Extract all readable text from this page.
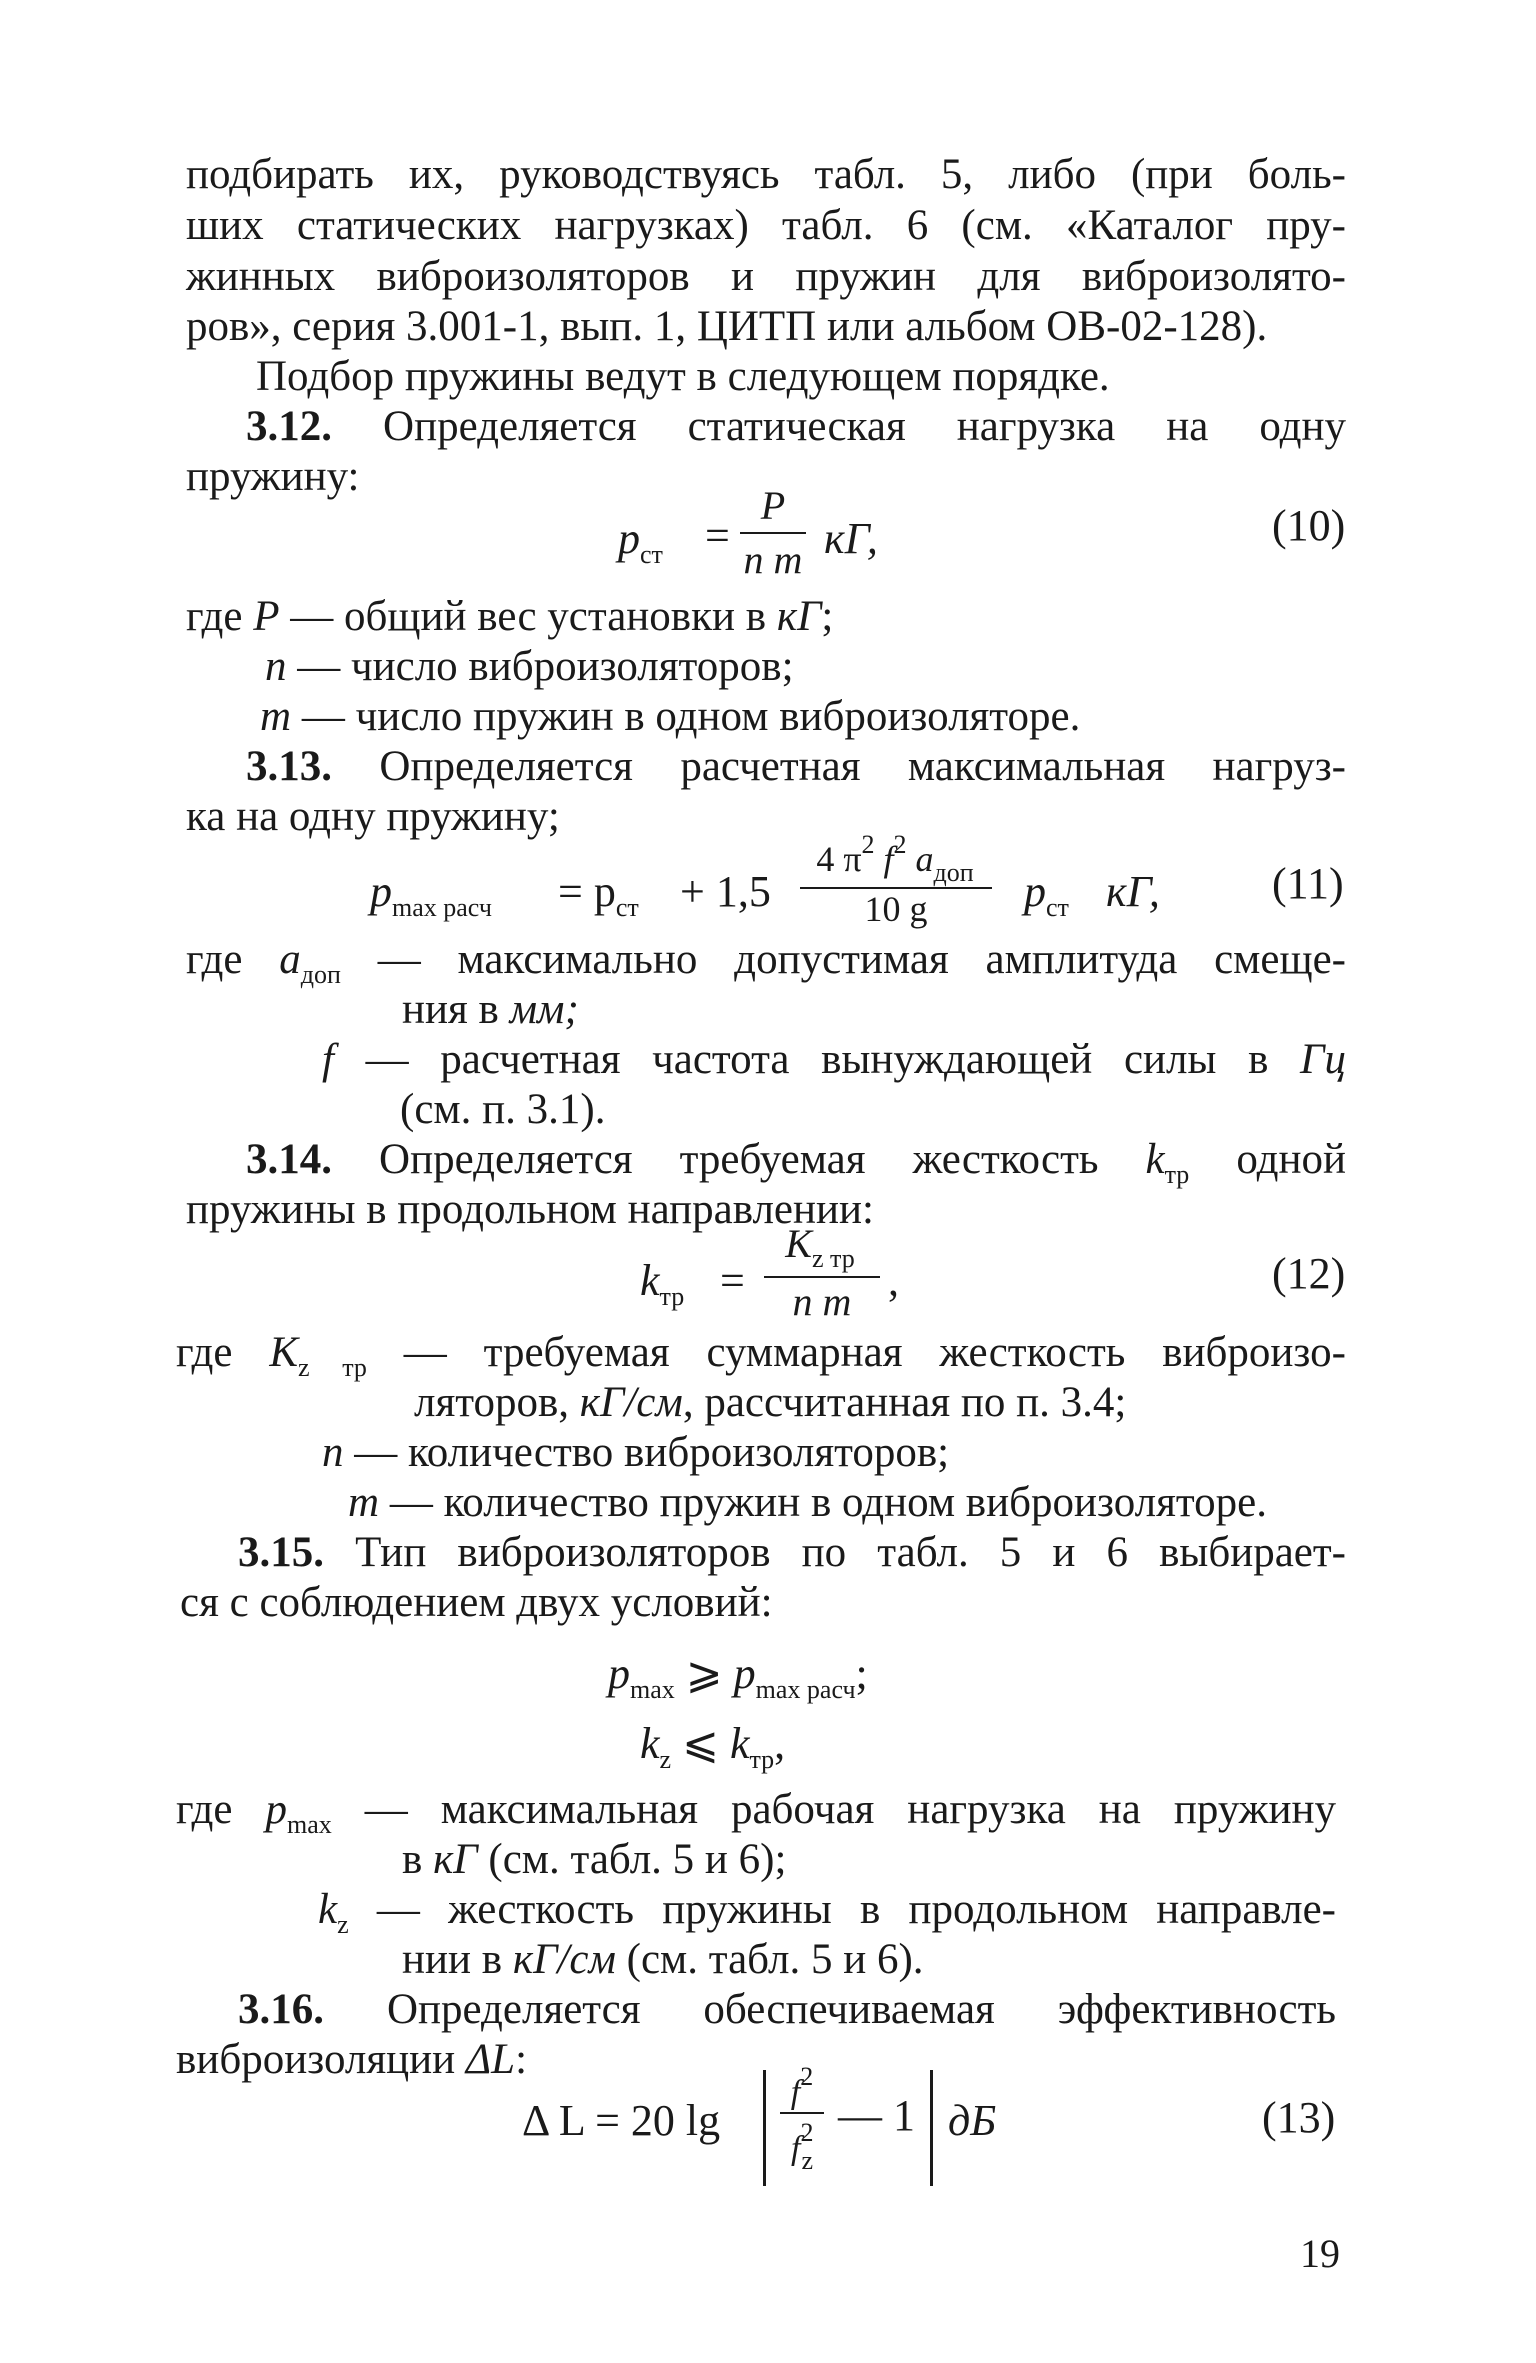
подбирать их, руководствуясь табл. 5, либо (при боль-
ших статических нагрузках) табл. 6 (см. «Каталог пру-
жинных виброизоляторов и пружин для виброизолято-
ров», серия 3.001-1, вып. 1, ЦИТП или альбом ОВ-02-128).
Подбор пружины ведут в следующем порядке.
3.12. Определяется статическая нагрузка на одну
пружину:
$p_{ст}$ =
P
n m кГ,	(10)
где P — общий вес установки в кГ;
n — число виброизоляторов;
m — число пружин в одном виброизоляторе.
3.13. Определяется расчетная максимальная нагруз-
ка на одну пружину;
$p_{max расч} = p_{ст} + 1,5$
4 $\pi^2$ $f^2$ $a_{доп}$
10 g	$p_{ст}$ кГ,	(11)
где $a_{доп}$ — максимально допустимая амплитуда смеще-
ния в мм;
f — расчетная частота вынуждающей силы в Гц
(см. п. 3.1).
3.14. Определяется требуемая жесткость $k_{тр}$ одной
пружины в продольном направлении:
$k_{тр}$ =
$K_{z тр}$
n m ,	(12)
где $K_{z тр}$ — требуемая суммарная жесткость виброизо-
ляторов, кГ/см, рассчитанная по п. 3.4;
n — количество виброизоляторов;
m — количество пружин в одном виброизоляторе.
3.15. Тип виброизоляторов по табл. 5 и 6 выбирает-
ся с соблюдением двух условий:
$p_{max}$ ⩾ $p_{max расч}$;
$k_z$ ⩽ $k_{тр}$,
где $p_{max}$ — максимальная рабочая нагрузка на пружину
в кГ (см. табл. 5 и 6);
$k_z$ — жесткость пружины в продольном направле-
нии в кГ/см (см. табл. 5 и 6).
3.16. Определяется обеспечиваемая эффективность
виброизоляции ΔL:
Δ L = 20 lg
$f^2$
$f^2_z$
— 1 дБ	(13)
19
